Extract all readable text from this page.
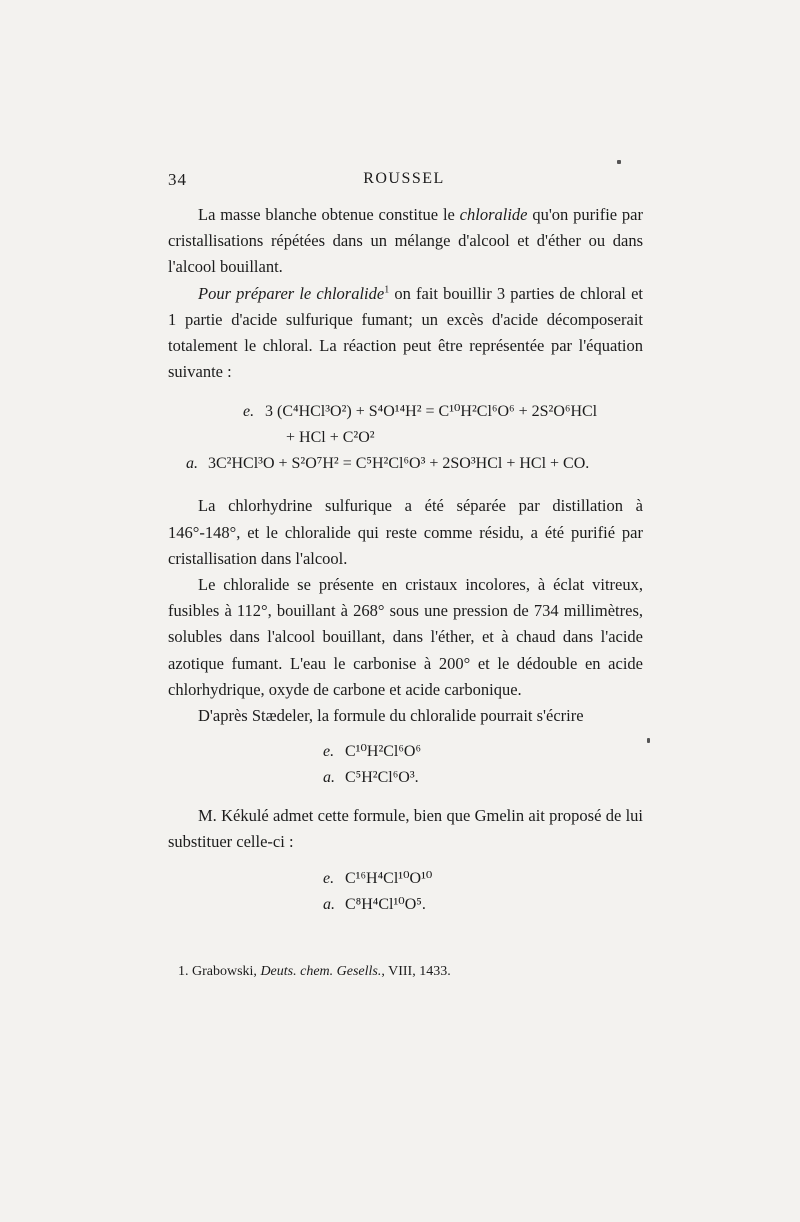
34	ROUSSEL

La masse blanche obtenue constitue le chloralide qu'on purifie par cristallisations répétées dans un mélange d'alcool et d'éther ou dans l'alcool bouillant.

Pour préparer le chloralide$^1$ on fait bouillir 3 parties de chloral et 1 partie d'acide sulfurique fumant; un excès d'acide décomposerait totalement le chloral. La réaction peut être représentée par l'équation suivante :

e. 3 (C⁴HCl³O²) + S⁴O¹⁴H² = C¹⁰H²Cl⁶O⁶ + 2S²O⁶HCl
+ HCl + C²O²
a. 3C²HCl³O + S²O⁷H² = C⁵H²Cl⁶O³ + 2SO³HCl + HCl + CO.

La chlorhydrine sulfurique a été séparée par distillation à 146°-148°, et le chloralide qui reste comme résidu, a été purifié par cristallisation dans l'alcool.

Le chloralide se présente en cristaux incolores, à éclat vitreux, fusibles à 112°, bouillant à 268° sous une pression de 734 millimètres, solubles dans l'alcool bouillant, dans l'éther, et à chaud dans l'acide azotique fumant. L'eau le carbonise à 200° et le dédouble en acide chlorhydrique, oxyde de carbone et acide carbonique.

D'après Stædeler, la formule du chloralide pourrait s'écrire

e. C¹⁰H²Cl⁶O⁶
a. C⁵H²Cl⁶O³.

M. Kékulé admet cette formule, bien que Gmelin ait proposé de lui substituer celle-ci :

e. C¹⁶H⁴Cl¹⁰O¹⁰
a. C⁸H⁴Cl¹⁰O⁵.
1. Grabowski, Deuts. chem. Gesells., VIII, 1433.
